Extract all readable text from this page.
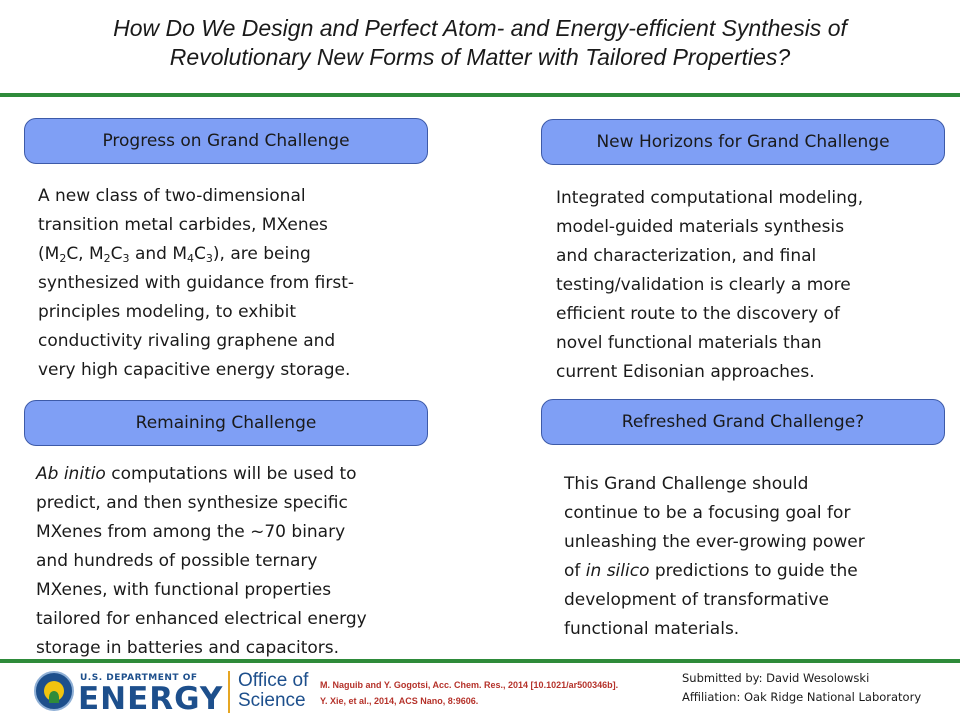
How Do We Design and Perfect Atom- and Energy-efficient Synthesis of
Revolutionary New Forms of Matter with Tailored Properties?
Progress on Grand Challenge
A new class of two-dimensional
transition metal carbides, MXenes
($M_2C$, $M_2C_3$ and $M_4C_3$), are being
synthesized with guidance from first-
principles modeling, to exhibit
conductivity rivaling graphene and
very high capacitive energy storage.
New Horizons for Grand Challenge
Integrated computational modeling,
model-guided materials synthesis
and characterization, and final
testing/validation is clearly a more
efficient route to the discovery of
novel functional materials than
current Edisonian approaches.
Remaining Challenge
Ab initio computations will be used to
predict, and then synthesize specific
MXenes from among the ~70 binary
and hundreds of possible ternary
MXenes, with functional properties
tailored for enhanced electrical energy
storage in batteries and capacitors.
Refreshed Grand Challenge?
This Grand Challenge should
continue to be a focusing goal for
unleashing the ever-growing power
of in silico predictions to guide the
development of transformative
functional materials.
U.S. DEPARTMENT OF
ENERGY
Office of
Science
M. Naguib and Y. Gogotsi, Acc. Chem. Res., 2014 [10.1021/ar500346b].
Y. Xie, et al., 2014, ACS Nano, 8:9606.
Submitted by: David Wesolowski
Affiliation: Oak Ridge National Laboratory
